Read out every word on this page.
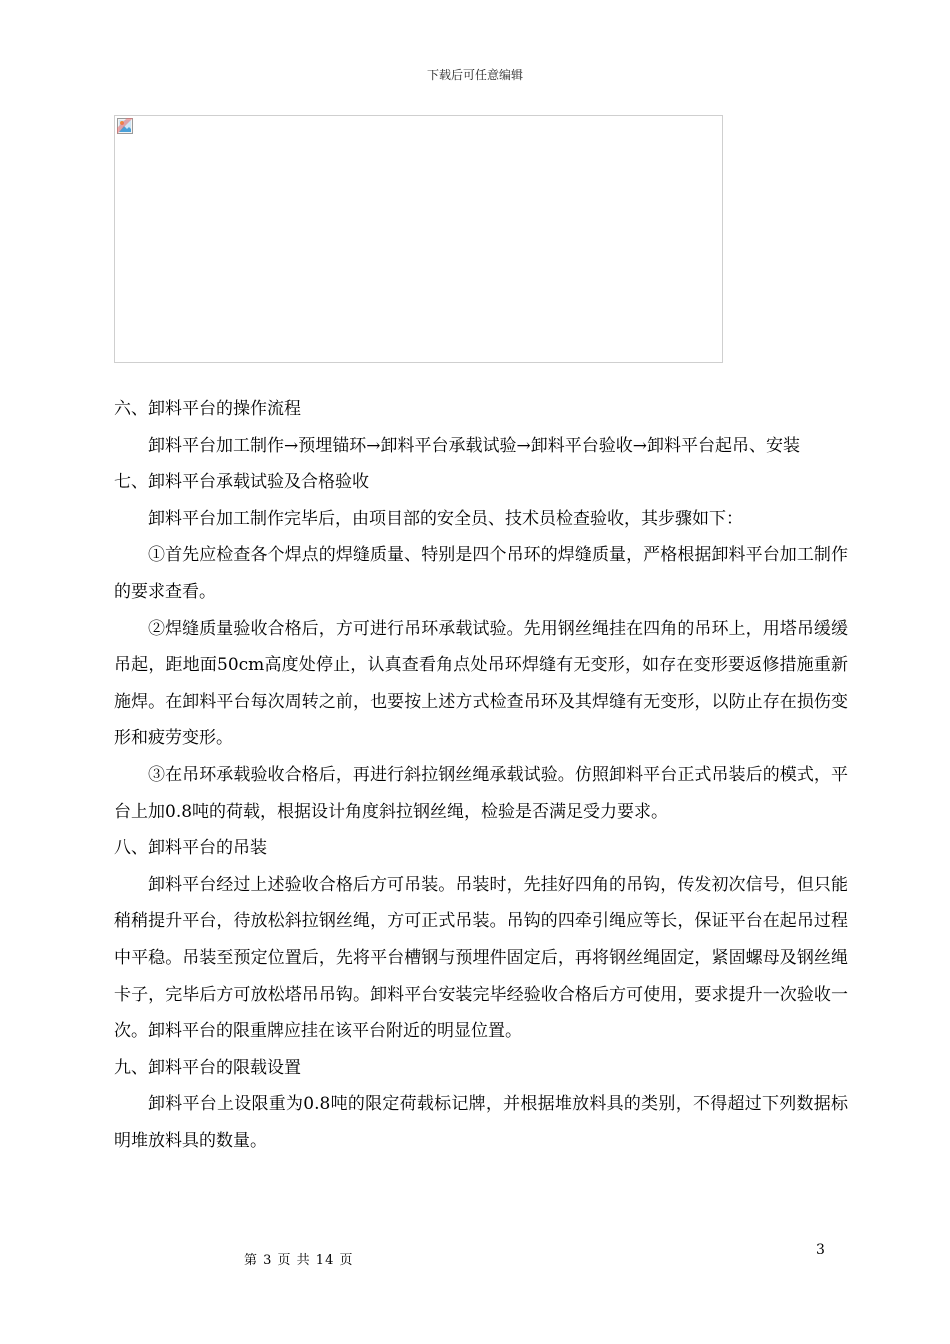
下载后可任意编辑

六、卸料平台的操作流程

卸料平台加工制作→预埋锚环→卸料平台承载试验→卸料平台验收→卸料平台起吊、安装

七、卸料平台承载试验及合格验收

卸料平台加工制作完毕后，由项目部的安全员、技术员检查验收，其步骤如下：

①首先应检查各个焊点的焊缝质量、特别是四个吊环的焊缝质量，严格根据卸料平台加工制作的要求查看。

②焊缝质量验收合格后，方可进行吊环承载试验。先用钢丝绳挂在四角的吊环上，用塔吊缓缓吊起，距地面50cm高度处停止，认真查看角点处吊环焊缝有无变形，如存在变形要返修措施重新施焊。在卸料平台每次周转之前，也要按上述方式检查吊环及其焊缝有无变形，以防止存在损伤变形和疲劳变形。

③在吊环承载验收合格后，再进行斜拉钢丝绳承载试验。仿照卸料平台正式吊装后的模式，平台上加0.8吨的荷载，根据设计角度斜拉钢丝绳，检验是否满足受力要求。

八、卸料平台的吊装

卸料平台经过上述验收合格后方可吊装。吊装时，先挂好四角的吊钩，传发初次信号，但只能稍稍提升平台，待放松斜拉钢丝绳，方可正式吊装。吊钩的四牵引绳应等长，保证平台在起吊过程中平稳。吊装至预定位置后，先将平台槽钢与预埋件固定后，再将钢丝绳固定，紧固螺母及钢丝绳卡子，完毕后方可放松塔吊吊钩。卸料平台安装完毕经验收合格后方可使用，要求提升一次验收一次。卸料平台的限重牌应挂在该平台附近的明显位置。

九、卸料平台的限载设置

卸料平台上设限重为0.8吨的限定荷载标记牌，并根据堆放料具的类别，不得超过下列数据标明堆放料具的数量。

第 3 页 共 14 页
3
